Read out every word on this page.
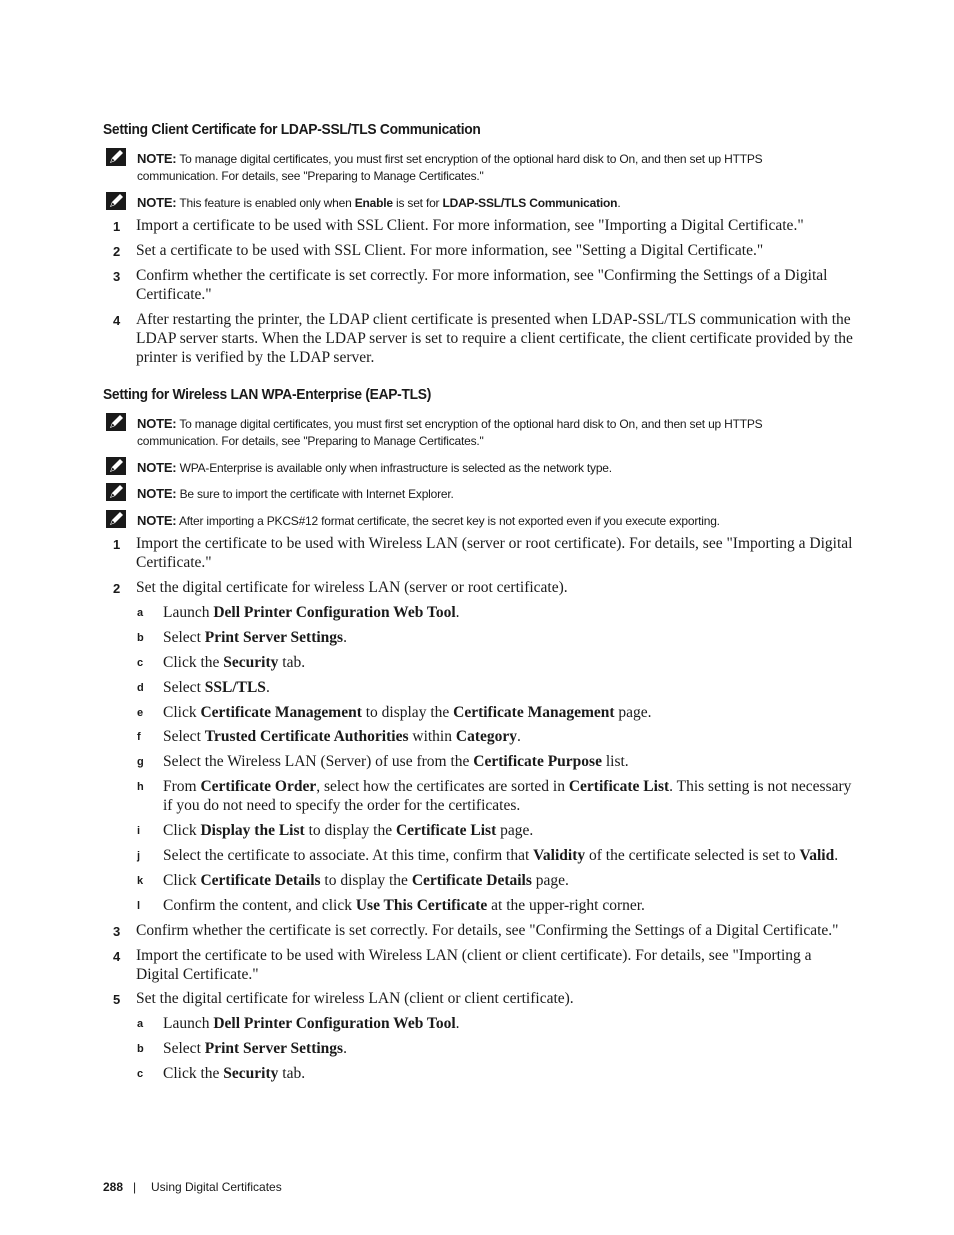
Setting Client Certificate for LDAP-SSL/TLS Communication
NOTE: To manage digital certificates, you must first set encryption of the optional hard disk to On, and then set up HTTPS communication. For details, see "Preparing to Manage Certificates."
NOTE: This feature is enabled only when Enable is set for LDAP-SSL/TLS Communication.
1 Import a certificate to be used with SSL Client. For more information, see "Importing a Digital Certificate."
2 Set a certificate to be used with SSL Client. For more information, see "Setting a Digital Certificate."
3 Confirm whether the certificate is set correctly. For more information, see "Confirming the Settings of a Digital Certificate."
4 After restarting the printer, the LDAP client certificate is presented when LDAP-SSL/TLS communication with the LDAP server starts. When the LDAP server is set to require a client certificate, the client certificate provided by the printer is verified by the LDAP server.
Setting for Wireless LAN WPA-Enterprise (EAP-TLS)
NOTE: To manage digital certificates, you must first set encryption of the optional hard disk to On, and then set up HTTPS communication. For details, see "Preparing to Manage Certificates."
NOTE: WPA-Enterprise is available only when infrastructure is selected as the network type.
NOTE: Be sure to import the certificate with Internet Explorer.
NOTE: After importing a PKCS#12 format certificate, the secret key is not exported even if you execute exporting.
1 Import the certificate to be used with Wireless LAN (server or root certificate). For details, see "Importing a Digital Certificate."
2 Set the digital certificate for wireless LAN (server or root certificate).
a Launch Dell Printer Configuration Web Tool.
b Select Print Server Settings.
c Click the Security tab.
d Select SSL/TLS.
e Click Certificate Management to display the Certificate Management page.
f Select Trusted Certificate Authorities within Category.
g Select the Wireless LAN (Server) of use from the Certificate Purpose list.
h From Certificate Order, select how the certificates are sorted in Certificate List. This setting is not necessary if you do not need to specify the order for the certificates.
i Click Display the List to display the Certificate List page.
j Select the certificate to associate. At this time, confirm that Validity of the certificate selected is set to Valid.
k Click Certificate Details to display the Certificate Details page.
l Confirm the content, and click Use This Certificate at the upper-right corner.
3 Confirm whether the certificate is set correctly. For details, see "Confirming the Settings of a Digital Certificate."
4 Import the certificate to be used with Wireless LAN (client or client certificate). For details, see "Importing a Digital Certificate."
5 Set the digital certificate for wireless LAN (client or client certificate).
a Launch Dell Printer Configuration Web Tool.
b Select Print Server Settings.
c Click the Security tab.
288 | Using Digital Certificates
